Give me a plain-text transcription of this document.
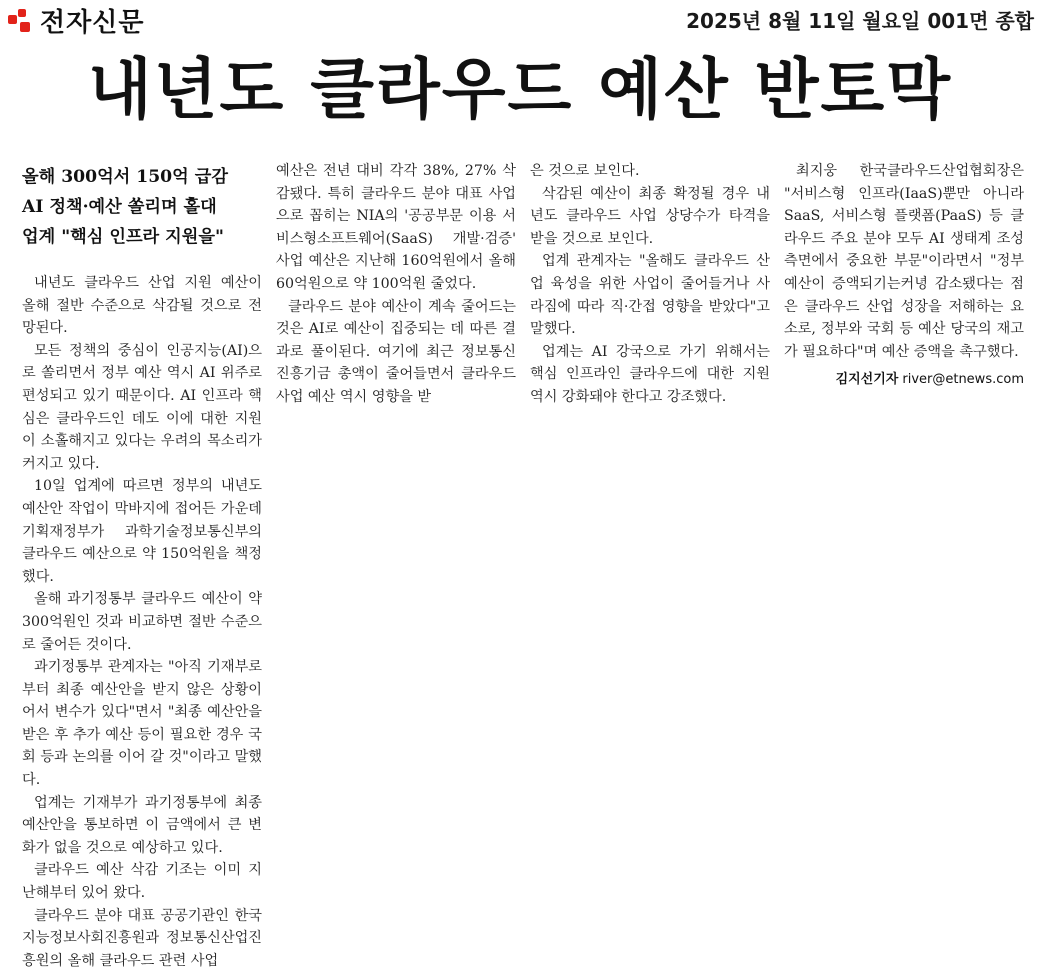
전자신문	2025년 8월 11일 월요일 001면 종합
내년도 클라우드 예산 반토막
올해 300억서 150억 급감
AI 정책·예산 쏠리며 홀대
업계 "핵심 인프라 지원을"

내년도 클라우드 산업 지원 예산이 올해 절반 수준으로 삭감될 것으로 전망된다.

모든 정책의 중심이 인공지능(AI)으로 쏠리면서 정부 예산 역시 AI 위주로 편성되고 있기 때문이다. AI 인프라 핵심은 클라우드인 데도 이에 대한 지원이 소홀해지고 있다는 우려의 목소리가 커지고 있다.

10일 업계에 따르면 정부의 내년도 예산안 작업이 막바지에 접어든 가운데 기획재정부가 과학기술정보통신부의 클라우드 예산으로 약 150억원을 책정했다.

올해 과기정통부 클라우드 예산이 약 300억원인 것과 비교하면 절반 수준으로 줄어든 것이다.

과기정통부 관계자는 "아직 기재부로부터 최종 예산안을 받지 않은 상황이어서 변수가 있다"면서 "최종 예산안을 받은 후 추가 예산 등이 필요한 경우 국회 등과 논의를 이어 갈 것"이라고 말했다.

업계는 기재부가 과기정통부에 최종 예산안을 통보하면 이 금액에서 큰 변화가 없을 것으로 예상하고 있다.

클라우드 예산 삭감 기조는 이미 지난해부터 있어 왔다.

클라우드 분야 대표 공공기관인 한국지능정보사회진흥원과 정보통신산업진흥원의 올해 클라우드 관련 사업

예산은 전년 대비 각각 38%, 27% 삭감됐다. 특히 클라우드 분야 대표 사업으로 꼽히는 NIA의 '공공부문 이용 서비스형소프트웨어(SaaS) 개발·검증' 사업 예산은 지난해 160억원에서 올해 60억원으로 약 100억원 줄었다.

클라우드 분야 예산이 계속 줄어드는 것은 AI로 예산이 집중되는 데 따른 결과로 풀이된다. 여기에 최근 정보통신진흥기금 총액이 줄어들면서 클라우드 사업 예산 역시 영향을 받

은 것으로 보인다.

삭감된 예산이 최종 확정될 경우 내년도 클라우드 사업 상당수가 타격을 받을 것으로 보인다.

업계 관계자는 "올해도 클라우드 산업 육성을 위한 사업이 줄어들거나 사라짐에 따라 직·간접 영향을 받았다"고 말했다.

업계는 AI 강국으로 가기 위해서는 핵심 인프라인 클라우드에 대한 지원 역시 강화돼야 한다고 강조했다.

최지웅 한국클라우드산업협회장은 "서비스형 인프라(IaaS)뿐만 아니라 SaaS, 서비스형 플랫폼(PaaS) 등 클라우드 주요 분야 모두 AI 생태계 조성 측면에서 중요한 부문"이라면서 "정부 예산이 증액되기는커녕 감소됐다는 점은 클라우드 산업 성장을 저해하는 요소로, 정부와 국회 등 예산 당국의 재고가 필요하다"며 예산 증액을 촉구했다.

김지선기자 river@etnews.com
